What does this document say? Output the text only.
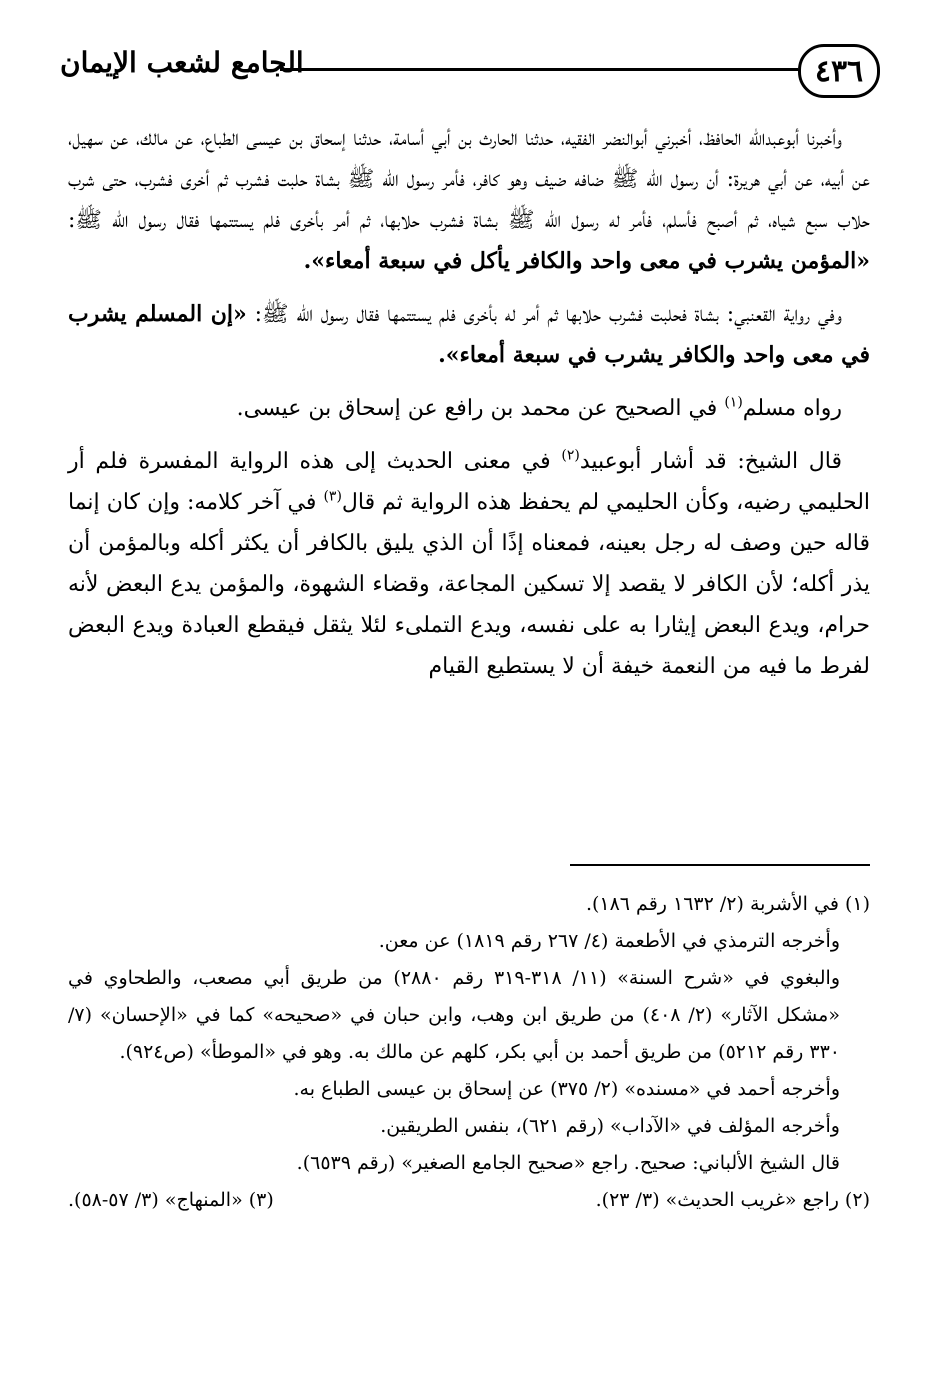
٤٣٦
الجامع لشعب الإيمان

وأخبرنا أبوعبدالله الحافظ، أخبرني أبوالنضر الفقيه، حدثنا الحارث بن أبي أسامة، حدثنا إسحاق بن عيسى الطباع، عن مالك، عن سهيل، عن أبيه، عن أبي هريرة: أن رسول الله ﷺ ضافه ضيف وهو كافر، فأمر رسول الله ﷺ بشاة حلبت فشرب ثم أخرى فشرب، حتى شرب حلاب سبع شياه، ثم أصبح فأسلم، فأمر له رسول الله ﷺ بشاة فشرب حلابها، ثم أمر بأخرى فلم يستتمها فقال رسول الله ﷺ: «المؤمن يشرب في معى واحد والكافر يأكل في سبعة أمعاء».

وفي رواية القعنبي: بشاة فحلبت فشرب حلابها ثم أمر له بأخرى فلم يستتمها فقال رسول الله ﷺ: «إن المسلم يشرب في معى واحد والكافر يشرب في سبعة أمعاء».

رواه مسلم$^{(١)}$ في الصحيح عن محمد بن رافع عن إسحاق بن عيسى.

قال الشيخ: قد أشار أبوعبيد$^{(٢)}$ في معنى الحديث إلى هذه الرواية المفسرة فلم أر الحليمي رضيه، وكأن الحليمي لم يحفظ هذه الرواية ثم قال$^{(٣)}$ في آخر كلامه: وإن كان إنما قاله حين وصف له رجل بعينه، فمعناه إذًا أن الذي يليق بالكافر أن يكثر أكله وبالمؤمن أن يذر أكله؛ لأن الكافر لا يقصد إلا تسكين المجاعة، وقضاء الشهوة، والمؤمن يدع البعض لأنه حرام، ويدع البعض إيثارا به على نفسه، ويدع التملىء لئلا يثقل فيقطع العبادة ويدع البعض لفرط ما فيه من النعمة خيفة أن لا يستطيع القيام

(١) في الأشربة (٢/ ١٦٣٢ رقم ١٨٦).
وأخرجه الترمذي في الأطعمة (٤/ ٢٦٧ رقم ١٨١٩) عن معن.
والبغوي في «شرح السنة» (١١/ ٣١٨-٣١٩ رقم ٢٨٨٠) من طريق أبي مصعب، والطحاوي في «مشكل الآثار» (٢/ ٤٠٨) من طريق ابن وهب، وابن حبان في «صحيحه» كما في «الإحسان» (٧/ ٣٣٠ رقم ٥٢١٢) من طريق أحمد بن أبي بكر، كلهم عن مالك به. وهو في «الموطأ» (ص٩٢٤).
وأخرجه أحمد في «مسنده» (٢/ ٣٧٥) عن إسحاق بن عيسى الطباع به.
وأخرجه المؤلف في «الآداب» (رقم ٦٢١)، بنفس الطريقين.
قال الشيخ الألباني: صحيح. راجع «صحيح الجامع الصغير» (رقم ٦٥٣٩).
(٢) راجع «غريب الحديث» (٣/ ٢٣).
(٣) «المنهاج» (٣/ ٥٧-٥٨).
